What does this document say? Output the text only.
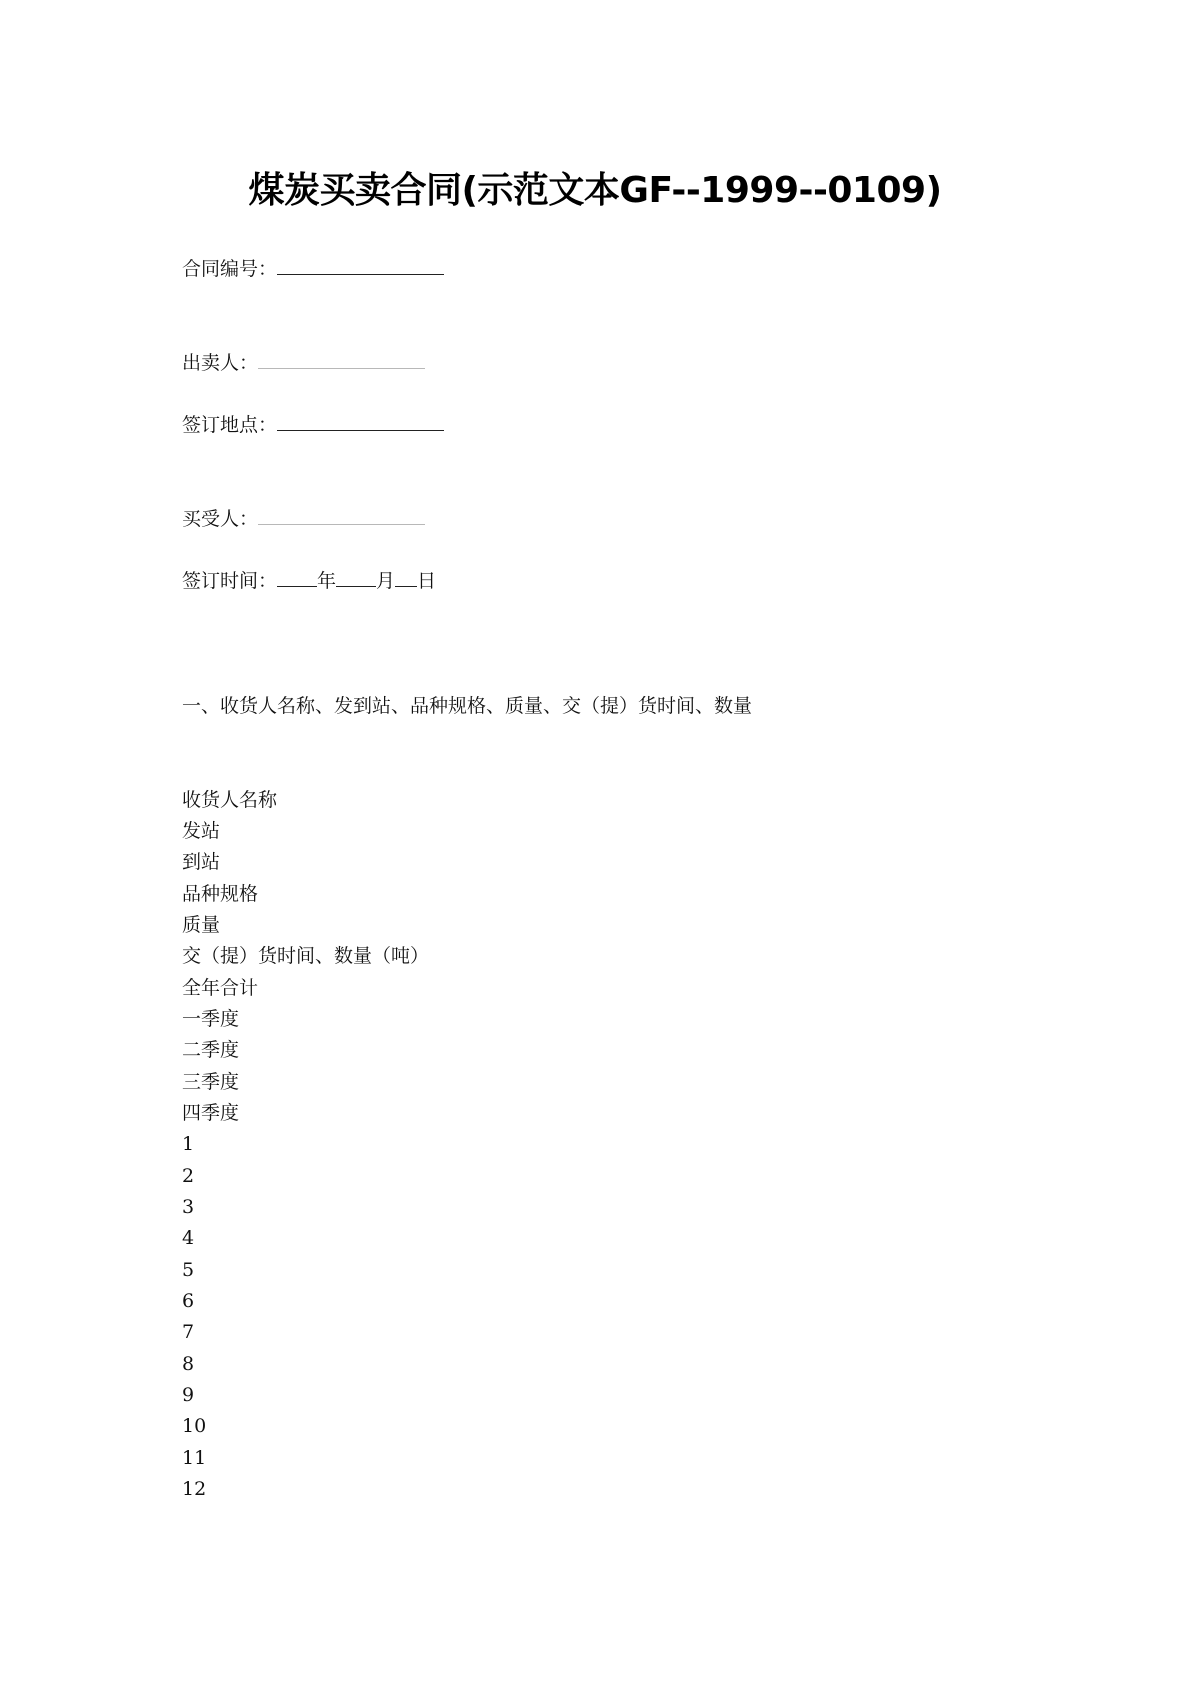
煤炭买卖合同(示范文本GF--1999--0109)
合同编号：
出卖人：
签订地点：
买受人：
签订时间： 年 月 日
一、收货人名称、发到站、品种规格、质量、交（提）货时间、数量
收货人名称
发站
到站
品种规格
质量
交（提）货时间、数量（吨）
全年合计
一季度
二季度
三季度
四季度
1
2
3
4
5
6
7
8
9
10
11
12
